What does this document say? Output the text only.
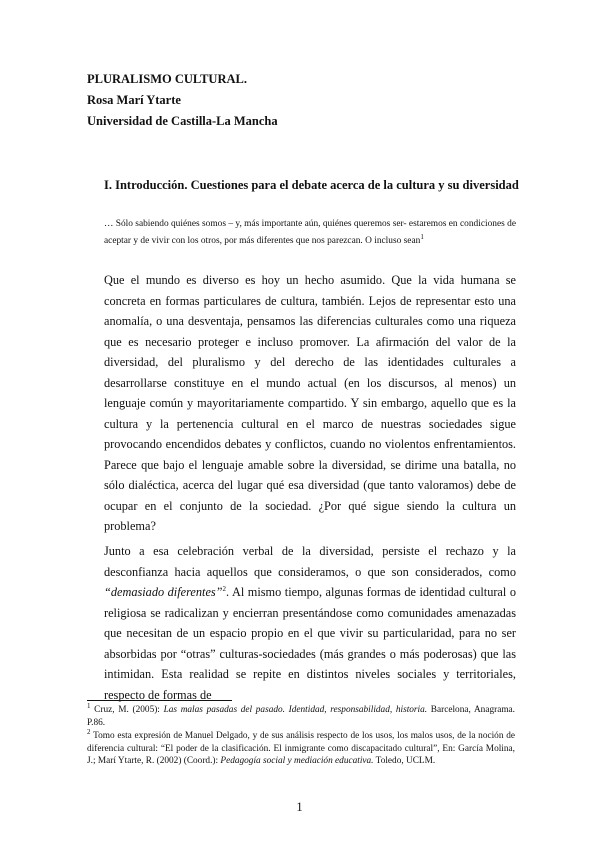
PLURALISMO CULTURAL.
Rosa Marí Ytarte
Universidad de Castilla-La Mancha
I. Introducción. Cuestiones para el debate acerca de la cultura y su diversidad
… Sólo sabiendo quiénes somos – y, más importante aún, quiénes queremos ser- estaremos en condiciones de aceptar y de vivir con los otros, por más diferentes que nos parezcan. O incluso sean$^1$

Que el mundo es diverso es hoy un hecho asumido. Que la vida humana se concreta en formas particulares de cultura, también. Lejos de representar esto una anomalía, o una desventaja, pensamos las diferencias culturales como una riqueza que es necesario proteger e incluso promover. La afirmación del valor de la diversidad, del pluralismo y del derecho de las identidades culturales a desarrollarse constituye en el mundo actual (en los discursos, al menos) un lenguaje común y mayoritariamente compartido. Y sin embargo, aquello que es la cultura y la pertenencia cultural en el marco de nuestras sociedades sigue provocando encendidos debates y conflictos, cuando no violentos enfrentamientos. Parece que bajo el lenguaje amable sobre la diversidad, se dirime una batalla, no sólo dialéctica, acerca del lugar qué esa diversidad (que tanto valoramos) debe de ocupar en el conjunto de la sociedad. ¿Por qué sigue siendo la cultura un problema?

Junto a esa celebración verbal de la diversidad, persiste el rechazo y la desconfianza hacia aquellos que consideramos, o que son considerados, como “demasiado diferentes”$^2$. Al mismo tiempo, algunas formas de identidad cultural o religiosa se radicalizan y encierran presentándose como comunidades amenazadas que necesitan de un espacio propio en el que vivir su particularidad, para no ser absorbidas por “otras” culturas-sociedades (más grandes o más poderosas) que las intimidan. Esta realidad se repite en distintos niveles sociales y territoriales, respecto de formas de

$^1$ Cruz, M. (2005): Las malas pasadas del pasado. Identidad, responsabilidad, historia. Barcelona, Anagrama. P.86.

$^2$ Tomo esta expresión de Manuel Delgado, y de sus análisis respecto de los usos, los malos usos, de la noción de diferencia cultural: “El poder de la clasificación. El inmigrante como discapacitado cultural”, En: García Molina, J.; Marí Ytarte, R. (2002) (Coord.): Pedagogía social y mediación educativa. Toledo, UCLM.

1
